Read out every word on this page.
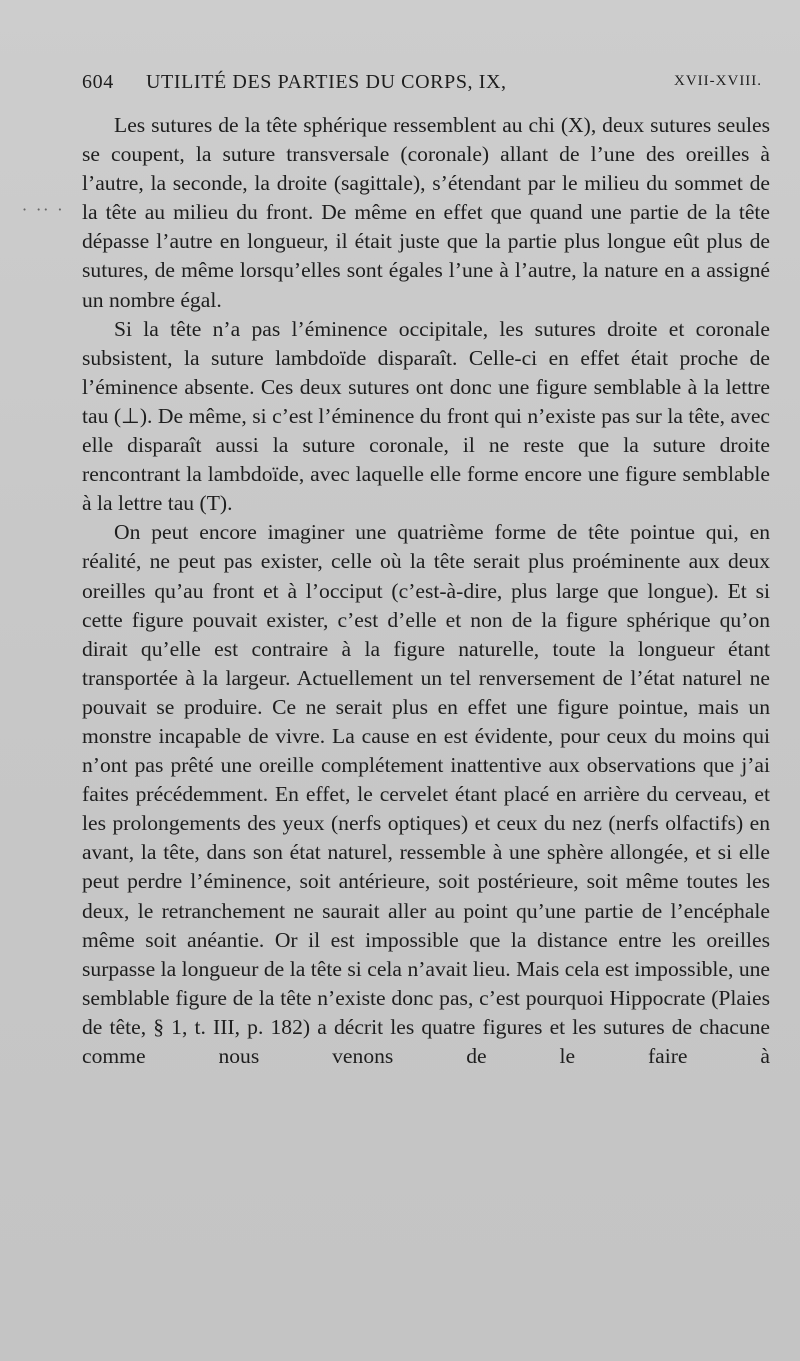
604 UTILITÉ DES PARTIES DU CORPS, IX,	XVII-XVIII.
· ·· ·

Les sutures de la tête sphérique ressemblent au chi (X), deux sutures seules se coupent, la suture transversale (coronale) allant de l’une des oreilles à l’autre, la seconde, la droite (sagittale), s’étendant par le milieu du sommet de la tête au milieu du front. De même en effet que quand une partie de la tête dépasse l’autre en longueur, il était juste que la partie plus longue eût plus de sutures, de même lorsqu’elles sont égales l’une à l’autre, la nature en a assigné un nombre égal.

Si la tête n’a pas l’éminence occipitale, les sutures droite et coronale subsistent, la suture lambdoïde disparaît. Celle-ci en effet était proche de l’éminence absente. Ces deux sutures ont donc une figure semblable à la lettre tau (⊥). De même, si c’est l’éminence du front qui n’existe pas sur la tête, avec elle disparaît aussi la suture coronale, il ne reste que la suture droite rencontrant la lambdoïde, avec laquelle elle forme encore une figure semblable à la lettre tau (T).

On peut encore imaginer une quatrième forme de tête pointue qui, en réalité, ne peut pas exister, celle où la tête serait plus proéminente aux deux oreilles qu’au front et à l’occiput (c’est-à-dire, plus large que longue). Et si cette figure pouvait exister, c’est d’elle et non de la figure sphérique qu’on dirait qu’elle est contraire à la figure naturelle, toute la longueur étant transportée à la largeur. Actuellement un tel renversement de l’état naturel ne pouvait se produire. Ce ne serait plus en effet une figure pointue, mais un monstre incapable de vivre. La cause en est évidente, pour ceux du moins qui n’ont pas prêté une oreille complétement inattentive aux observations que j’ai faites précédemment. En effet, le cervelet étant placé en arrière du cerveau, et les prolongements des yeux (nerfs optiques) et ceux du nez (nerfs olfactifs) en avant, la tête, dans son état naturel, ressemble à une sphère allongée, et si elle peut perdre l’éminence, soit antérieure, soit postérieure, soit même toutes les deux, le retranchement ne saurait aller au point qu’une partie de l’encéphale même soit anéantie. Or il est impossible que la distance entre les oreilles surpasse la longueur de la tête si cela n’avait lieu. Mais cela est impossible, une semblable figure de la tête n’existe donc pas, c’est pourquoi Hippocrate (Plaies de tête, § 1, t. III, p. 182) a décrit les quatre figures et les sutures de chacune comme nous venons de le faire à
